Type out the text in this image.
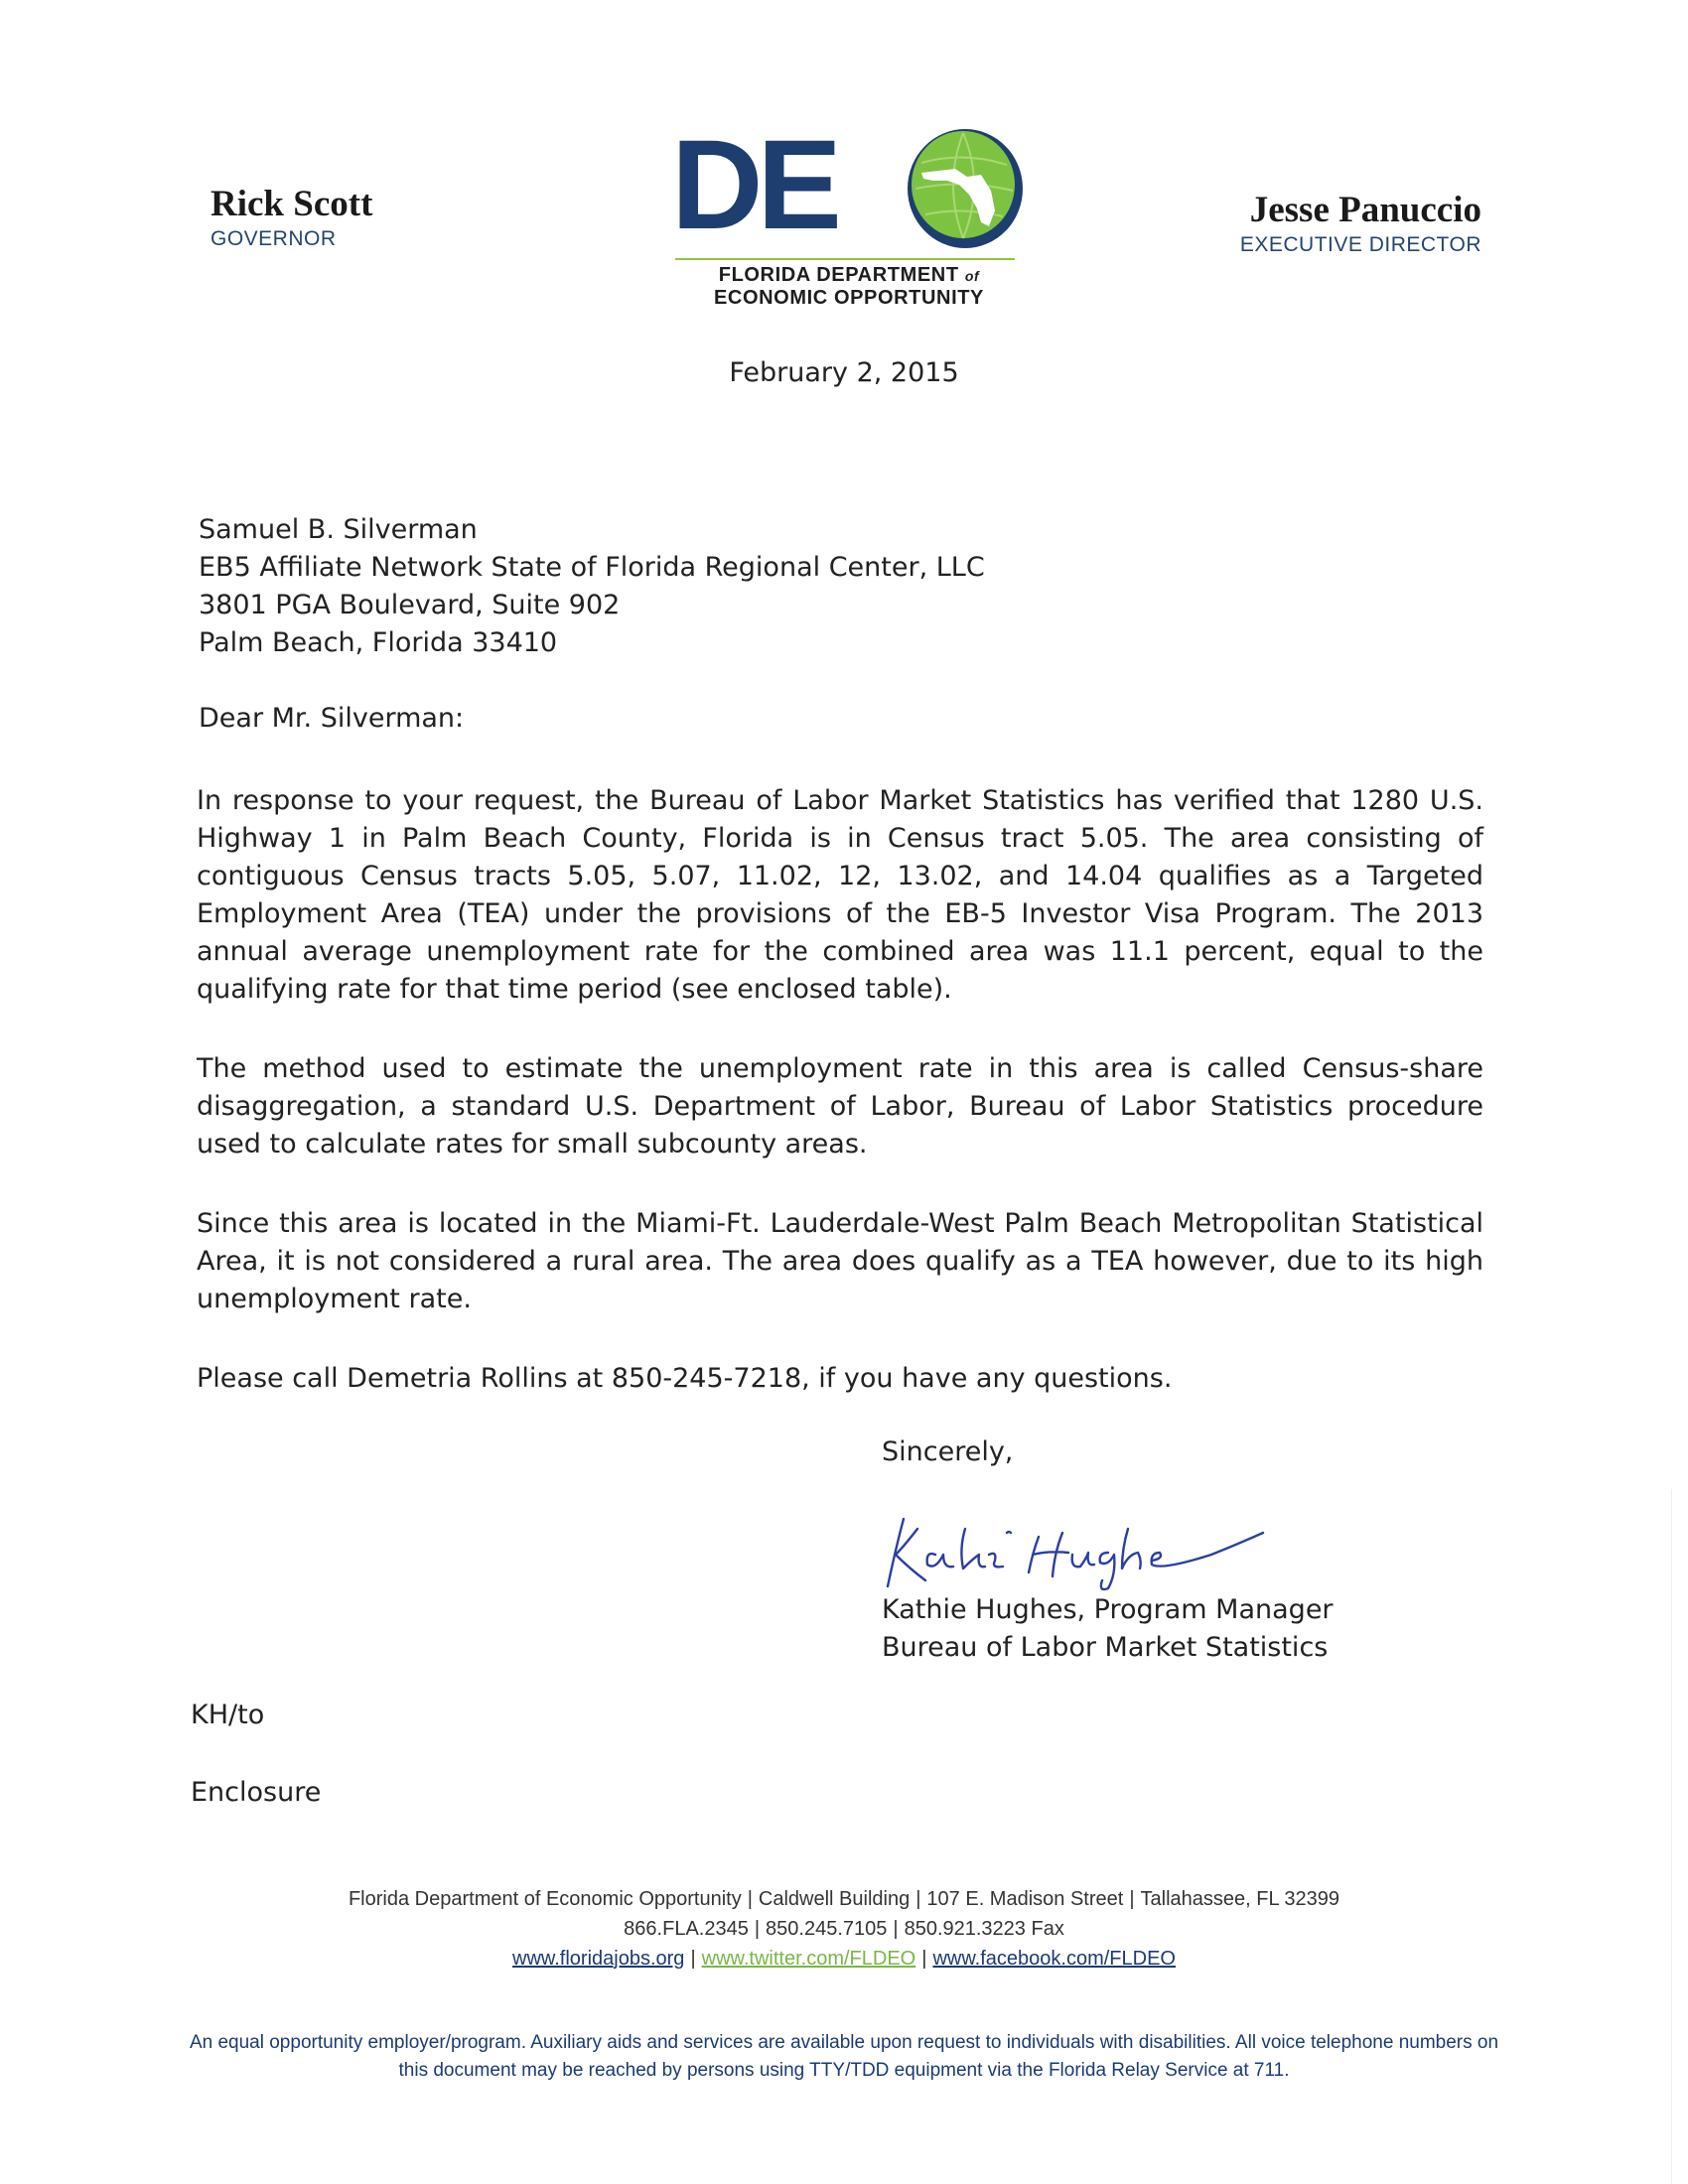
Rick Scott
GOVERNOR	DE
FLORIDA DEPARTMENT of
ECONOMIC OPPORTUNITY
Jesse Panuccio
EXECUTIVE DIRECTOR
February 2, 2015
Samuel B. Silverman
EB5 Affiliate Network State of Florida Regional Center, LLC
3801 PGA Boulevard, Suite 902
Palm Beach, Florida 33410
Dear Mr. Silverman:

In response to your request, the Bureau of Labor Market Statistics has verified that 1280 U.S. Highway 1 in Palm Beach County, Florida is in Census tract 5.05. The area consisting of contiguous Census tracts 5.05, 5.07, 11.02, 12, 13.02, and 14.04 qualifies as a Targeted Employment Area (TEA) under the provisions of the EB-5 Investor Visa Program. The 2013 annual average unemployment rate for the combined area was 11.1 percent, equal to the qualifying rate for that time period (see enclosed table).

The method used to estimate the unemployment rate in this area is called Census-share disaggregation, a standard U.S. Department of Labor, Bureau of Labor Statistics procedure used to calculate rates for small subcounty areas.

Since this area is located in the Miami-Ft. Lauderdale-West Palm Beach Metropolitan Statistical Area, it is not considered a rural area. The area does qualify as a TEA however, due to its high unemployment rate.

Please call Demetria Rollins at 850-245-7218, if you have any questions.

Sincerely,
Kathie Hughes, Program Manager
Bureau of Labor Market Statistics
KH/to
Enclosure
Florida Department of Economic Opportunity | Caldwell Building | 107 E. Madison Street | Tallahassee, FL 32399
866.FLA.2345 | 850.245.7105 | 850.921.3223 Fax
www.floridajobs.org | www.twitter.com/FLDEO | www.facebook.com/FLDEO
An equal opportunity employer/program. Auxiliary aids and services are available upon request to individuals with disabilities. All voice telephone numbers on this document may be reached by persons using TTY/TDD equipment via the Florida Relay Service at 711.
